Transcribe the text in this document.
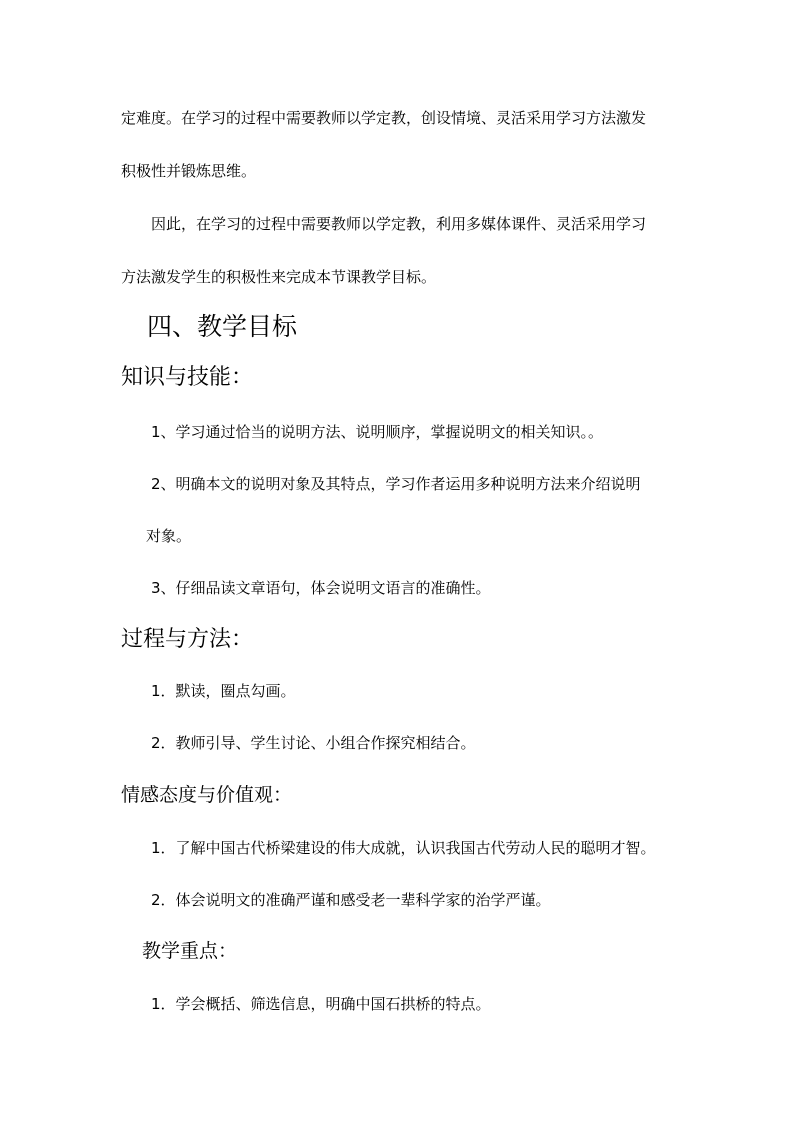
定难度。在学习的过程中需要教师以学定教，创设情境、灵活采用学习方法激发
积极性并锻炼思维。
因此，在学习的过程中需要教师以学定教，利用多媒体课件、灵活采用学习
方法激发学生的积极性来完成本节课教学目标。
四、教学目标
知识与技能：
1、学习通过恰当的说明方法、说明顺序，掌握说明文的相关知识。。
2、明确本文的说明对象及其特点，学习作者运用多种说明方法来介绍说明
对象。
3、仔细品读文章语句，体会说明文语言的准确性。
过程与方法：
1．默读，圈点勾画。
2．教师引导、学生讨论、小组合作探究相结合。
情感态度与价值观：
1．了解中国古代桥梁建设的伟大成就，认识我国古代劳动人民的聪明才智。
2．体会说明文的准确严谨和感受老一辈科学家的治学严谨。
教学重点：
1．学会概括、筛选信息，明确中国石拱桥的特点。
